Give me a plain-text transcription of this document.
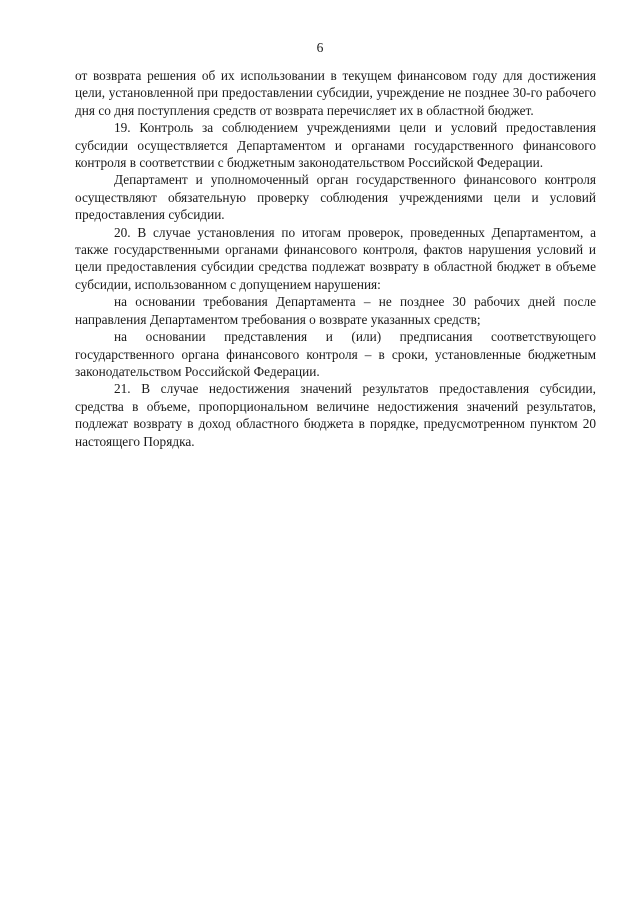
6

от возврата решения об их использовании в текущем финансовом году для достижения цели, установленной при предоставлении субсидии, учреждение не позднее 30-го рабочего дня со дня поступления средств от возврата перечисляет их в областной бюджет.

19. Контроль за соблюдением учреждениями цели и условий предоставления субсидии осуществляется Департаментом и органами государственного финансового контроля в соответствии с бюджетным законодательством Российской Федерации.

Департамент и уполномоченный орган государственного финансового контроля осуществляют обязательную проверку соблюдения учреждениями цели и условий предоставления субсидии.

20. В случае установления по итогам проверок, проведенных Департаментом, а также государственными органами финансового контроля, фактов нарушения условий и цели предоставления субсидии средства подлежат возврату в областной бюджет в объеме субсидии, использованном с допущением нарушения:

на основании требования Департамента – не позднее 30 рабочих дней после направления Департаментом требования о возврате указанных средств;

на основании представления и (или) предписания соответствующего государственного органа финансового контроля – в сроки, установленные бюджетным законодательством Российской Федерации.

21. В случае недостижения значений результатов предоставления субсидии, средства в объеме, пропорциональном величине недостижения значений результатов, подлежат возврату в доход областного бюджета в порядке, предусмотренном пунктом 20 настоящего Порядка.
